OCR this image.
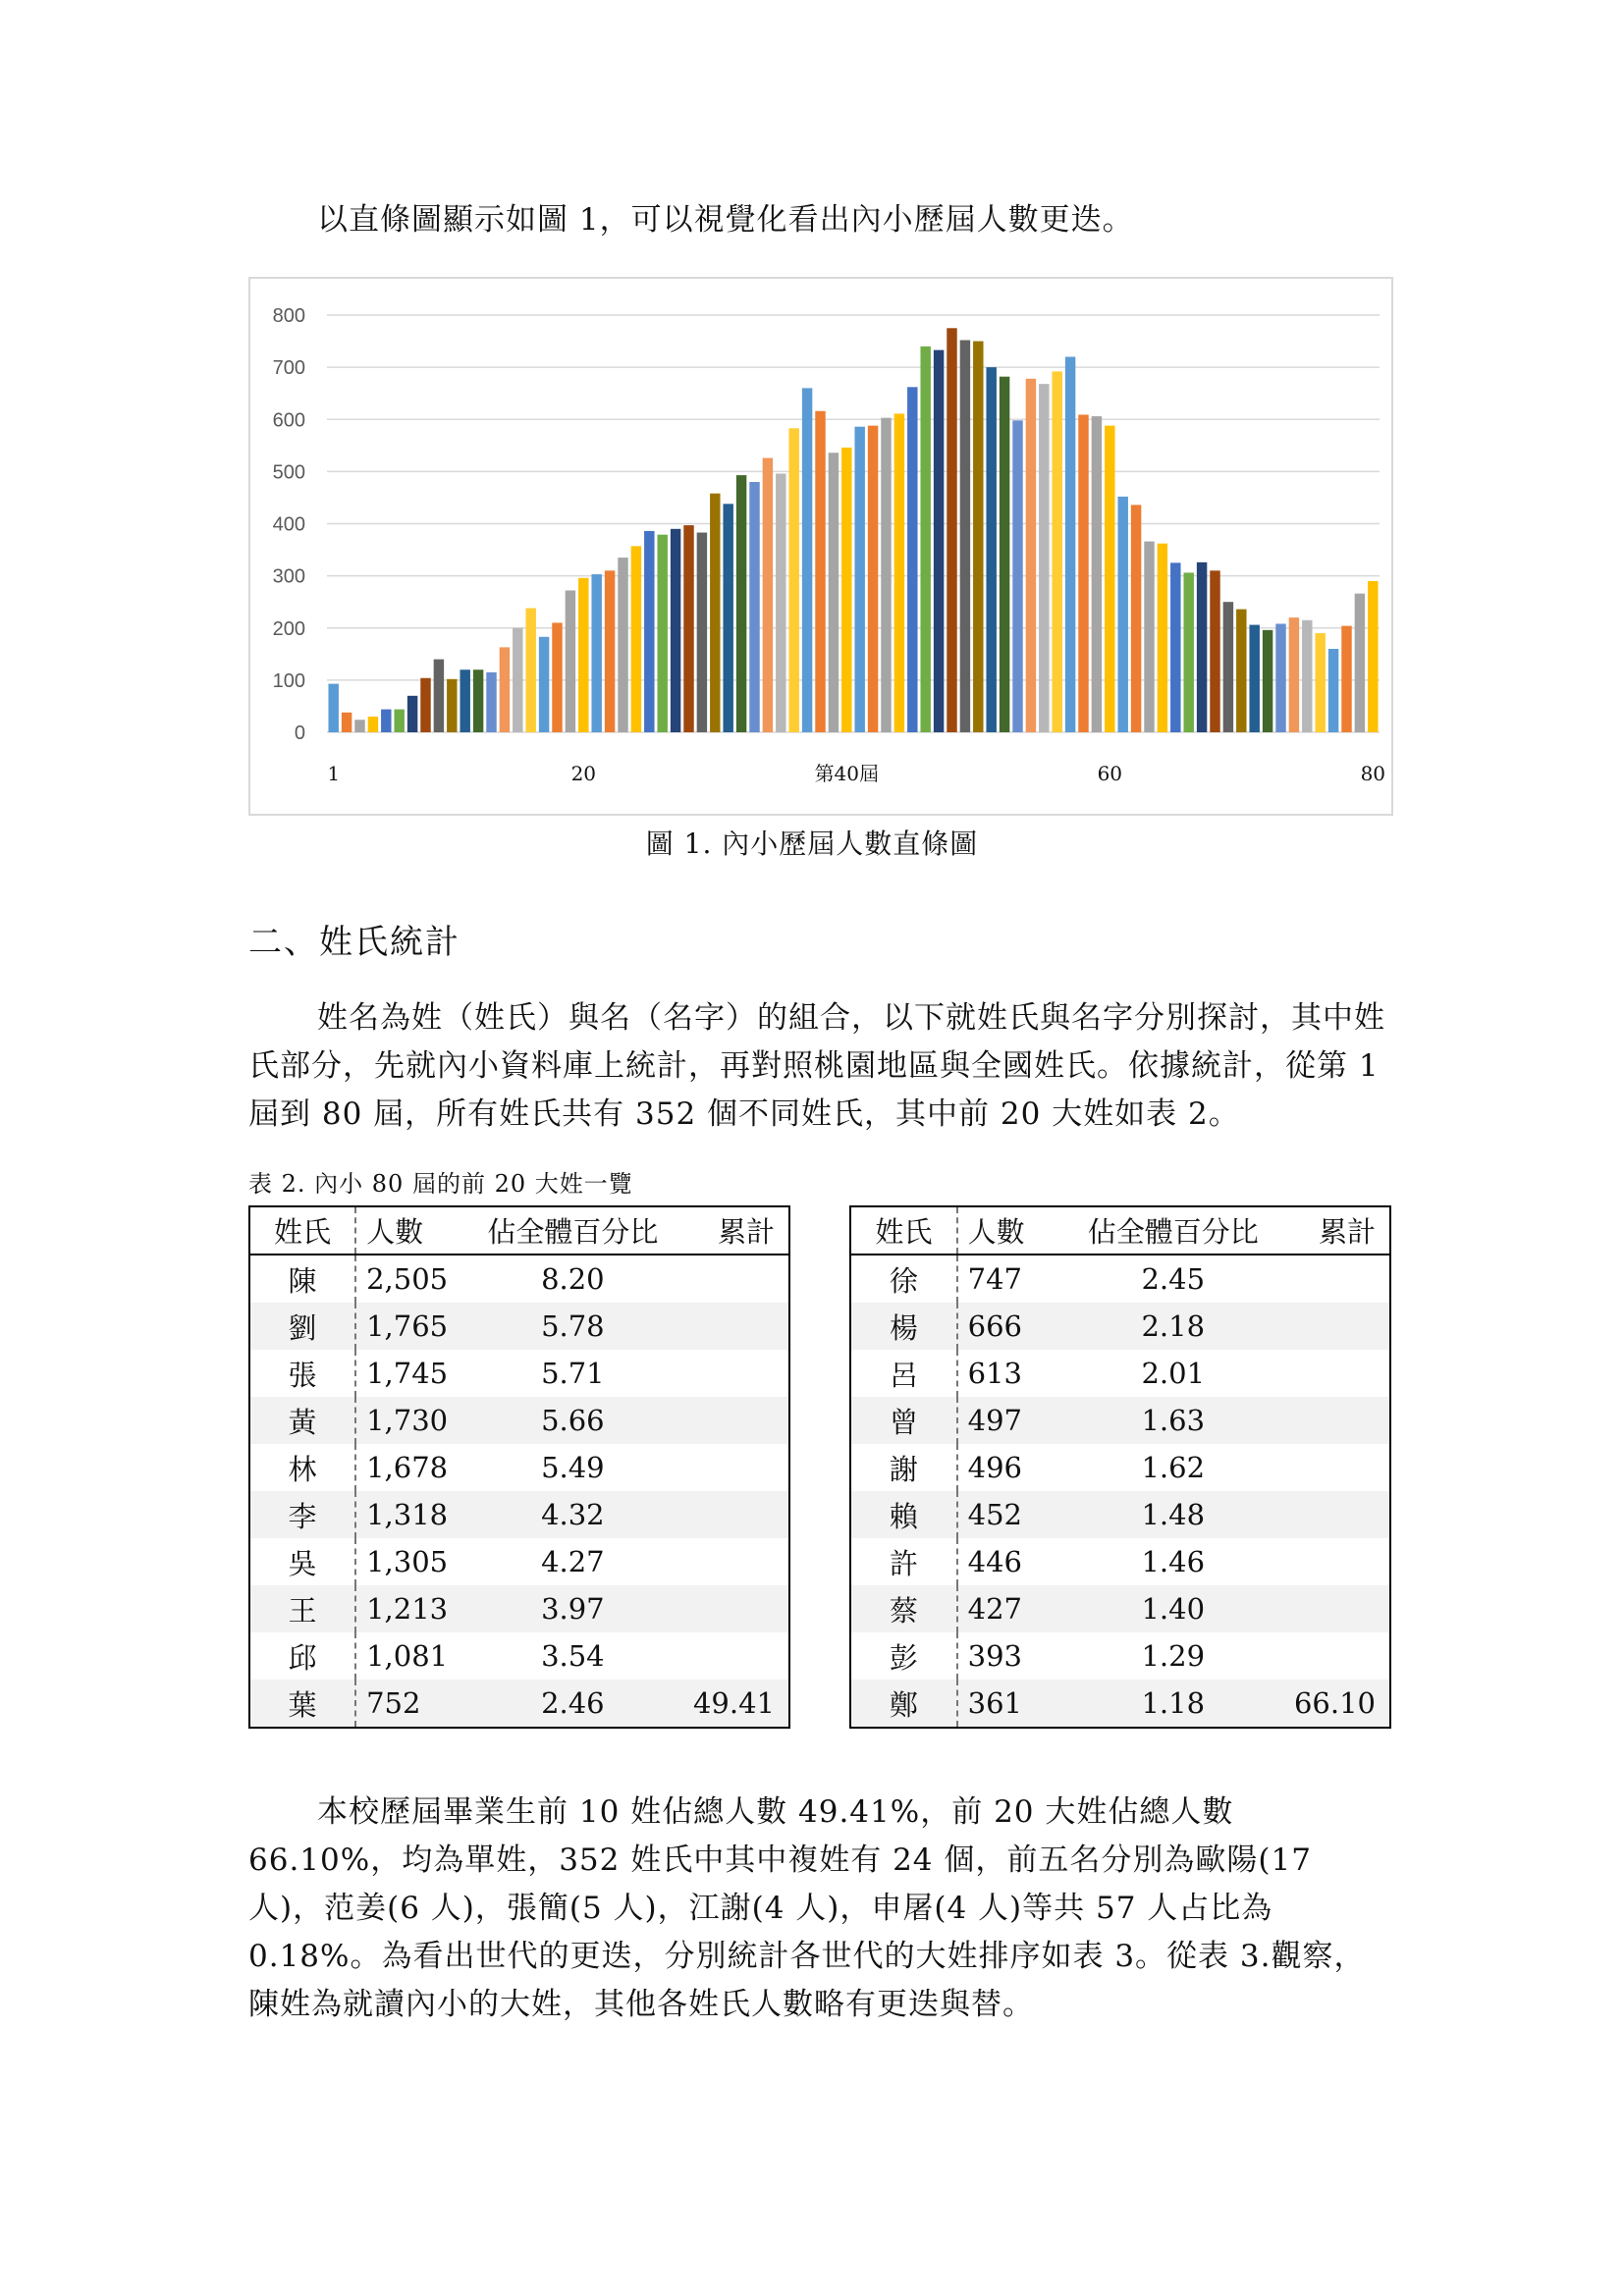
以直條圖顯示如圖 1，可以視覺化看出內小歷屆人數更迭。

0
100
200
300
400
500
600
700
800
1	20	第40屆	60	80
圖 1. 內小歷屆人數直條圖
二、姓氏統計

姓名為姓（姓氏）與名（名字）的組合，以下就姓氏與名字分別探討，其中姓氏部分，先就內小資料庫上統計，再對照桃園地區與全國姓氏。依據統計，從第 1 屆到 80 屆，所有姓氏共有 352 個不同姓氏，其中前 20 大姓如表 2。

表 2. 內小 80 屆的前 20 大姓一覽
姓氏	人數	佔全體百分比	累計
陳	2,505	8.20	
劉	1,765	5.78	
張	1,745	5.71	
黃	1,730	5.66	
林	1,678	5.49	
李	1,318	4.32	
吳	1,305	4.27	
王	1,213	3.97	
邱	1,081	3.54	
葉	752	2.46	49.41
姓氏	人數	佔全體百分比	累計
徐	747	2.45	
楊	666	2.18	
呂	613	2.01	
曾	497	1.63	
謝	496	1.62	
賴	452	1.48	
許	446	1.46	
蔡	427	1.40	
彭	393	1.29	
鄭	361	1.18	66.10

本校歷屆畢業生前 10 姓佔總人數 49.41%，前 20 大姓佔總人數 66.10%，均為單姓，352 姓氏中其中複姓有 24 個，前五名分別為歐陽(17 人)，范姜(6 人)，張簡(5 人)，江謝(4 人)，申屠(4 人)等共 57 人占比為 0.18%。為看出世代的更迭，分別統計各世代的大姓排序如表 3。從表 3.觀察，陳姓為就讀內小的大姓，其他各姓氏人數略有更迭與替。
